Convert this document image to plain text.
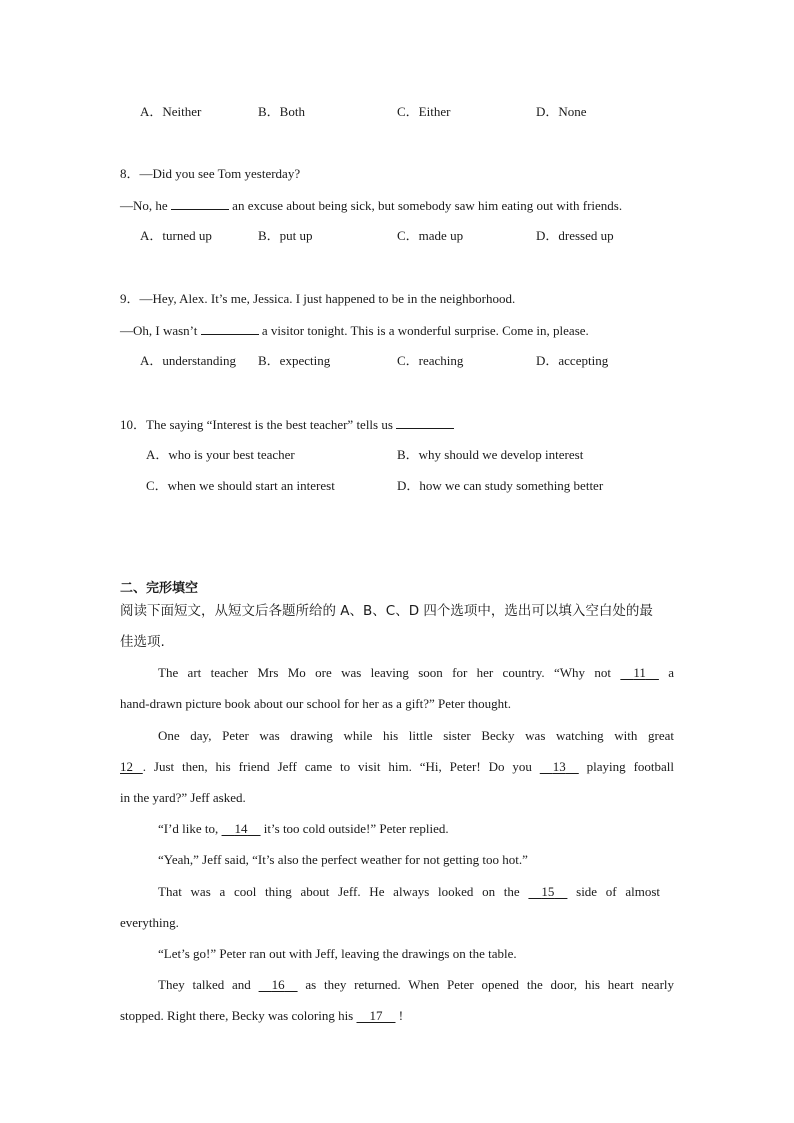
A．Neither	B．Both	C．Either	D．None
8．—Did you see Tom yesterday?
—No, he	an excuse about being sick, but somebody saw him eating out with friends.
A．turned up	B．put up	C．made up	D．dressed up
9．—Hey, Alex. It’s me, Jessica. I just happened to be in the neighborhood.
—Oh, I wasn’t	a visitor tonight. This is a wonderful surprise. Come in, please.
A．understanding B．expecting	C．reaching	D．accepting
10．The saying “Interest is the best teacher” tells us
A．who is your best teacher	B．why should we develop interest
C．when we should start an interest	D．how we can study something better
二、完形填空
阅读下面短文，从短文后各题所给的 A、B、C、D 四个选项中，选出可以填入空白处的最
佳选项.
The art teacher Mrs Mo ore was leaving soon for her country. “Why not 11 a
hand-drawn picture book about our school for her as a gift?” Peter thought.
One day, Peter was drawing while his little sister Becky was watching with great
12 . Just then, his friend Jeff came to visit him. “Hi, Peter! Do you 13 playing football
in the yard?” Jeff asked.
“I’d like to, 14 it’s too cold outside!” Peter replied.
“Yeah,” Jeff said, “It’s also the perfect weather for not getting too hot.”
That was a cool thing about Jeff. He always looked on the 15 side of almost
everything.
“Let’s go!” Peter ran out with Jeff, leaving the drawings on the table.
They talked and 16 as they returned. When Peter opened the door, his heart nearly
stopped. Right there, Becky was coloring his 17 !
